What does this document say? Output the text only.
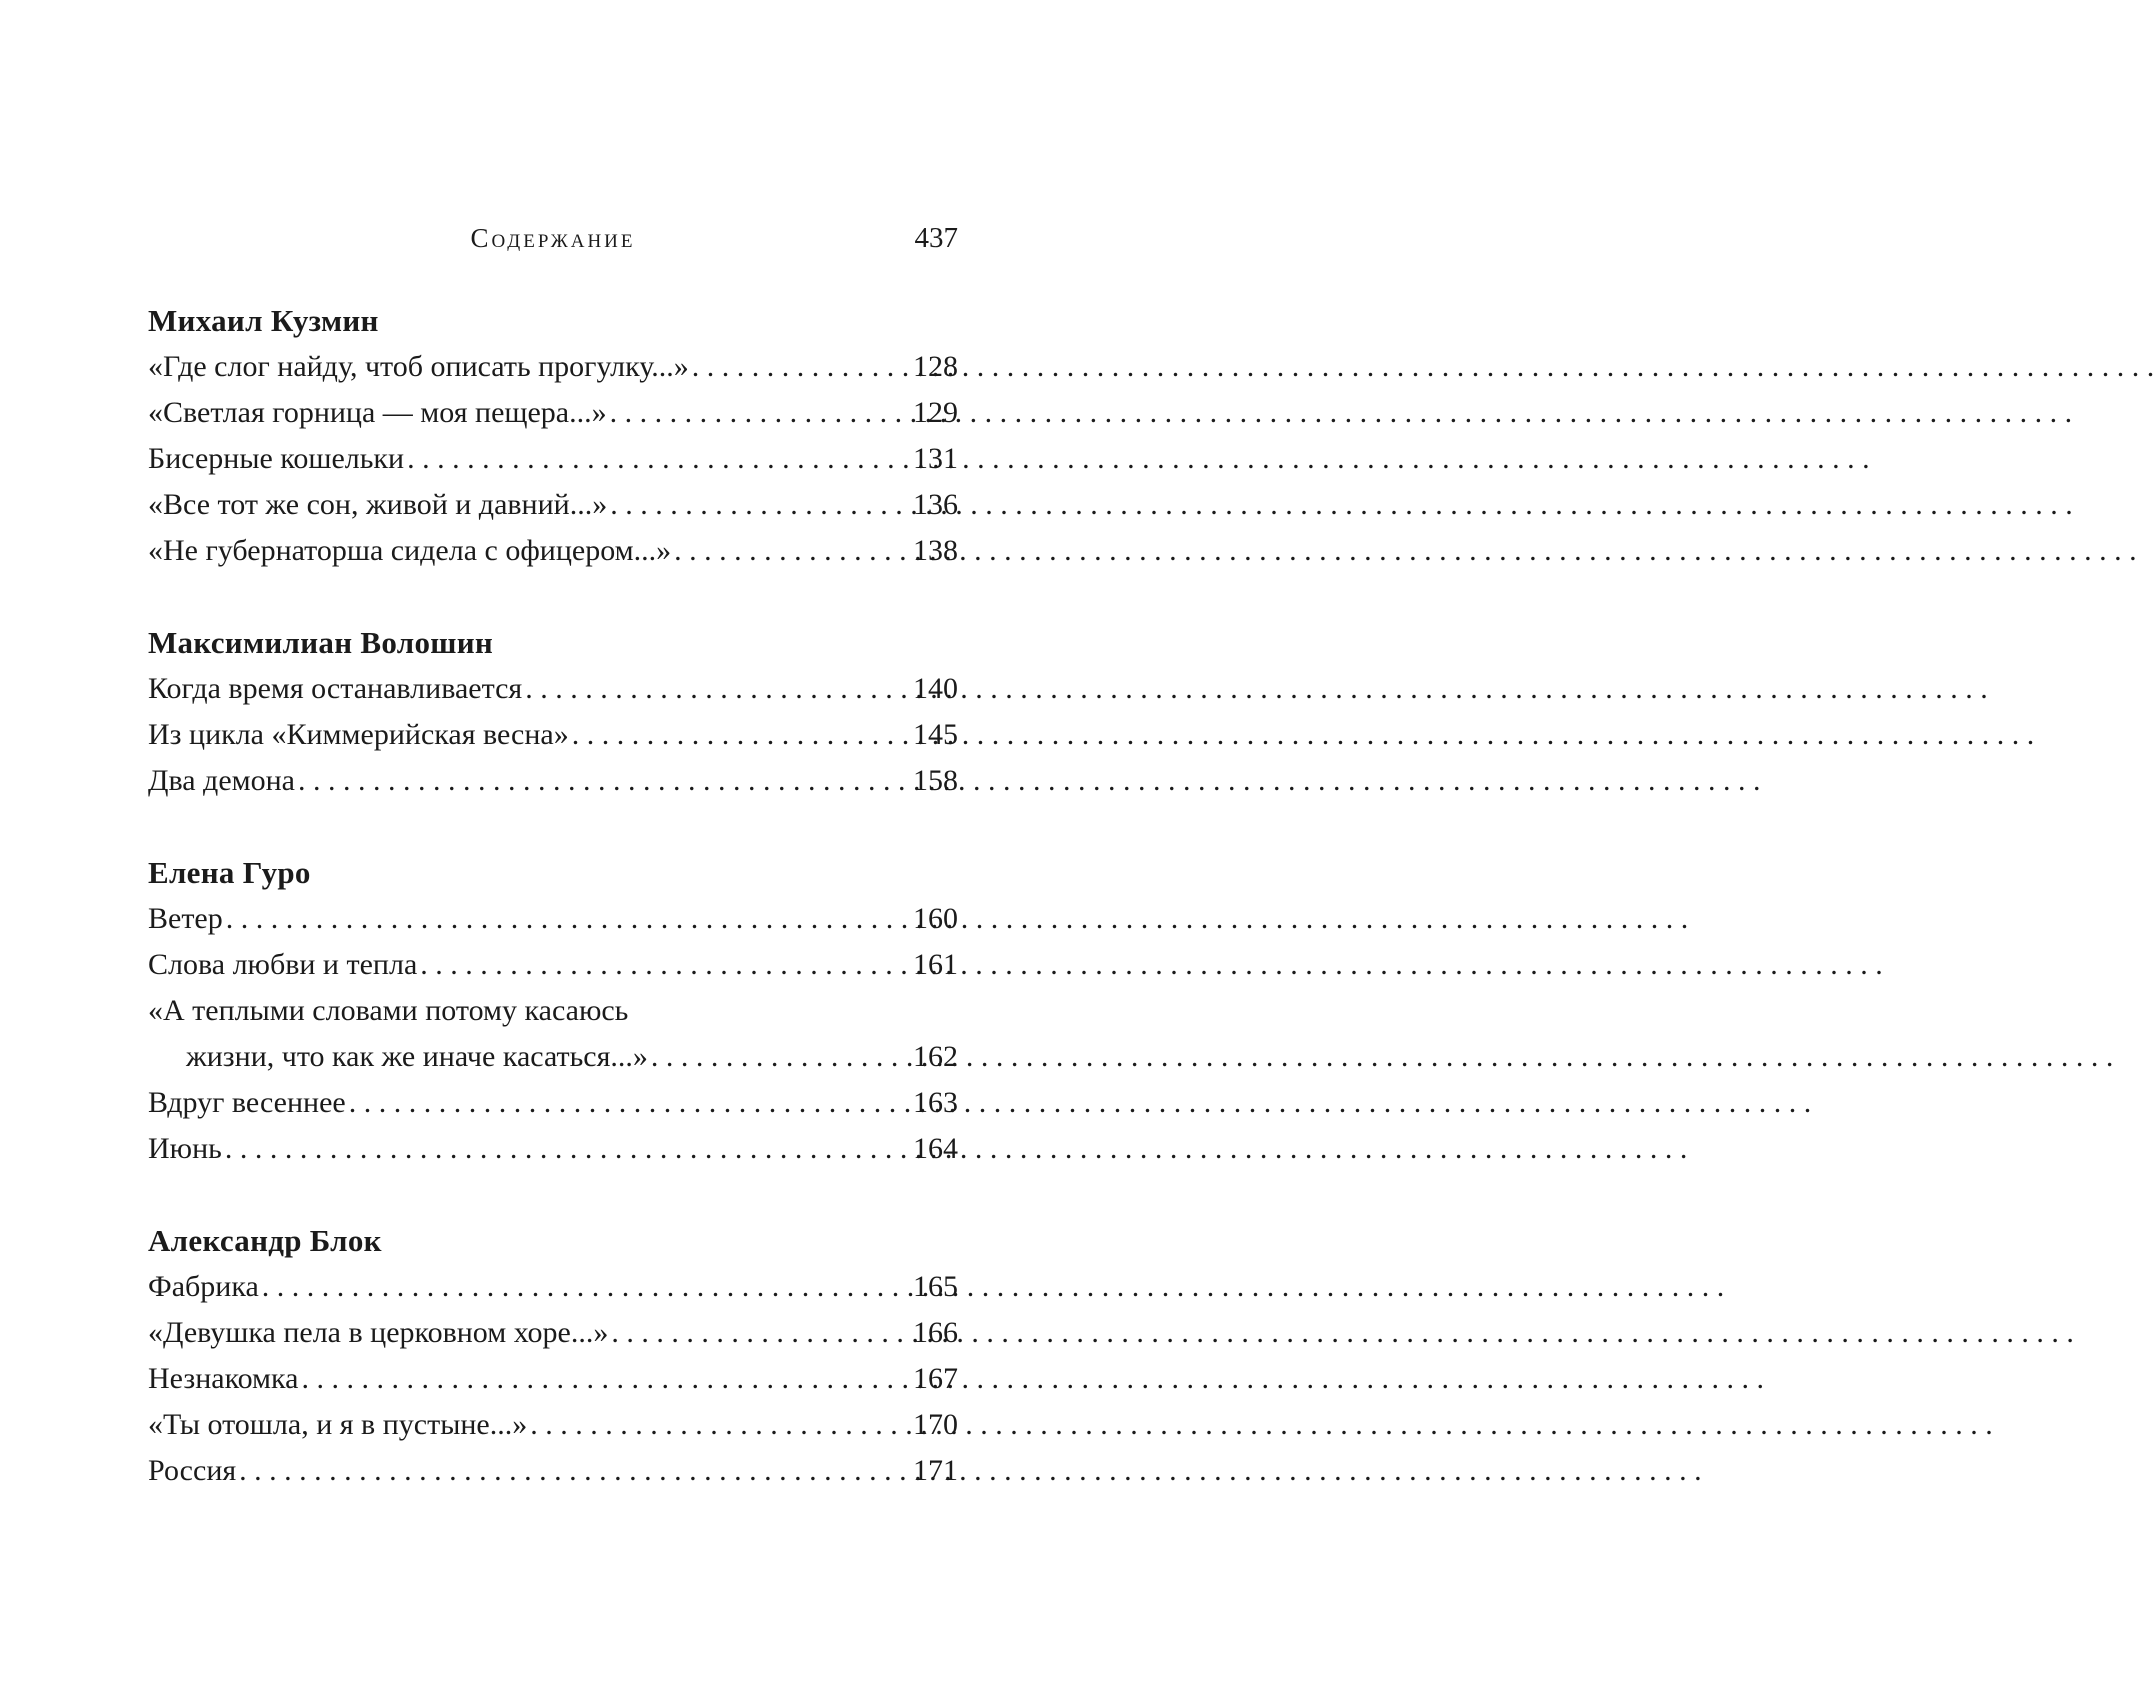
Содержание	437
Михаил Кузмин
«Где слог найду, чтоб описать прогулку...» . . .	128
«Светлая горница — моя пещера...» . . .	129
Бисерные кошельки . . .	131
«Все тот же сон, живой и давний...» . . .	136
«Не губернаторша сидела с офицером...» . . .	138
Максимилиан Волошин
Когда время останавливается . . .	140
Из цикла «Киммерийская весна» . . .	145
Два демона . . .	158
Елена Гуро
Ветер . . .	160
Слова любви и тепла . . .	161
«А теплыми словами потому касаюсь
жизни, что как же иначе касаться...» . . .	162
Вдруг весеннее . . .	163
Июнь . . .	164
Александр Блок
Фабрика . . .	165
«Девушка пела в церковном хоре...» . . .	166
Незнакомка . . .	167
«Ты отошла, и я в пустыне...» . . .	170
Россия . . .	171
